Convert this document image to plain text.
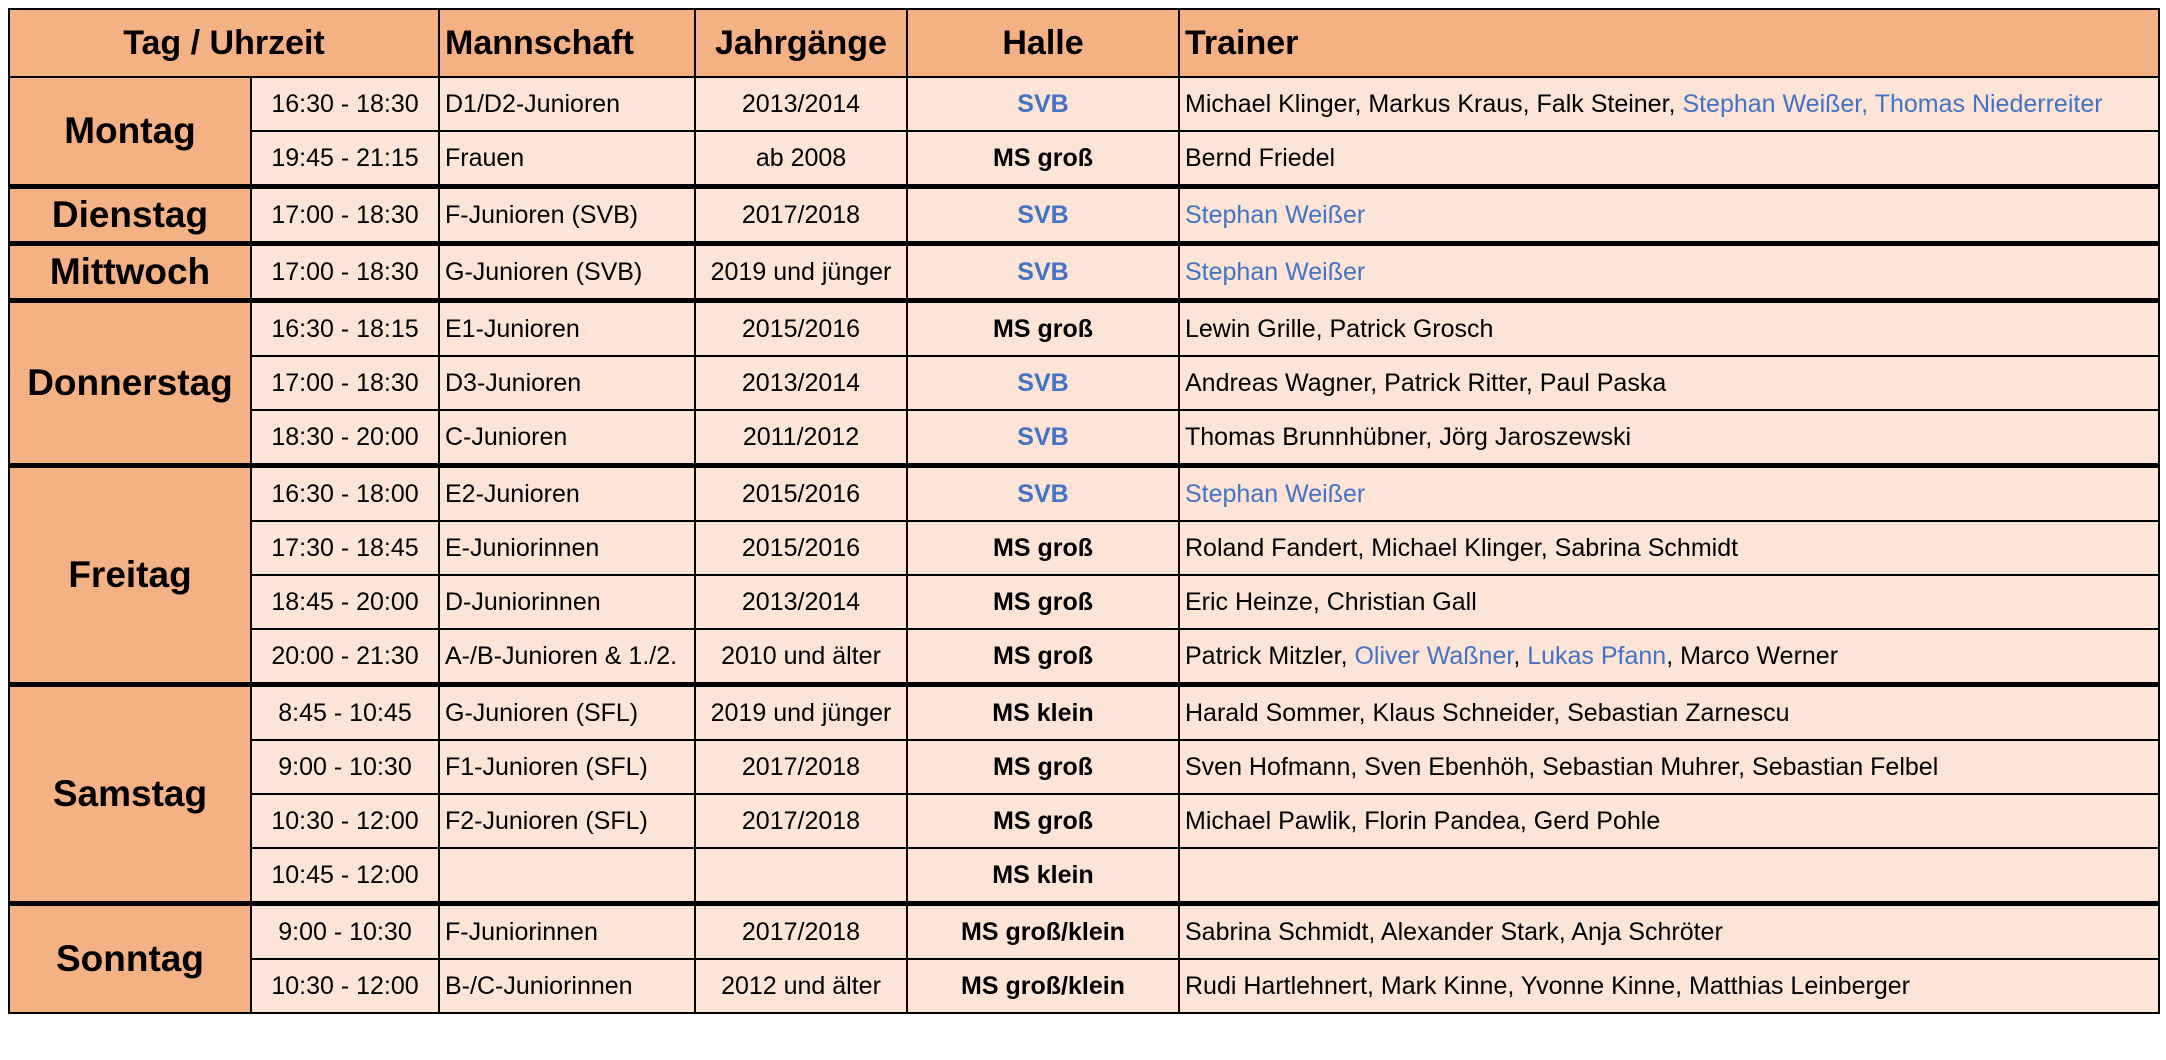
Tag / Uhrzeit		Mannschaft	Jahrgänge	Halle	Trainer
Montag	16:30 - 18:30	D1/D2-Junioren	2013/2014	SVB	Michael Klinger, Markus Kraus, Falk Steiner, Stephan Weißer, Thomas Niederreiter
	19:45 - 21:15	Frauen	ab 2008	MS groß	Bernd Friedel
Dienstag	17:00 - 18:30	F-Junioren (SVB)	2017/2018	SVB	Stephan Weißer
Mittwoch	17:00 - 18:30	G-Junioren (SVB)	2019 und jünger	SVB	Stephan Weißer
Donnerstag	16:30 - 18:15	E1-Junioren	2015/2016	MS groß	Lewin Grille, Patrick Grosch
	17:00 - 18:30	D3-Junioren	2013/2014	SVB	Andreas Wagner, Patrick Ritter, Paul Paska
	18:30 - 20:00	C-Junioren	2011/2012	SVB	Thomas Brunnhübner, Jörg Jaroszewski
Freitag	16:30 - 18:00	E2-Junioren	2015/2016	SVB	Stephan Weißer
	17:30 - 18:45	E-Juniorinnen	2015/2016	MS groß	Roland Fandert, Michael Klinger, Sabrina Schmidt
	18:45 - 20:00	D-Juniorinnen	2013/2014	MS groß	Eric Heinze, Christian Gall
	20:00 - 21:30	A-/B-Junioren & 1./2.	2010 und älter	MS groß	Patrick Mitzler, Oliver Waßner, Lukas Pfann, Marco Werner
Samstag	8:45 - 10:45	G-Junioren (SFL)	2019 und jünger	MS klein	Harald Sommer, Klaus Schneider, Sebastian Zarnescu
	9:00 - 10:30	F1-Junioren (SFL)	2017/2018	MS groß	Sven Hofmann, Sven Ebenhöh, Sebastian Muhrer, Sebastian Felbel
	10:30 - 12:00	F2-Junioren (SFL)	2017/2018	MS groß	Michael Pawlik, Florin Pandea, Gerd Pohle
	10:45 - 12:00			MS klein	
Sonntag	9:00 - 10:30	F-Juniorinnen	2017/2018	MS groß/klein	Sabrina Schmidt, Alexander Stark, Anja Schröter
	10:30 - 12:00	B-/C-Juniorinnen	2012 und älter	MS groß/klein	Rudi Hartlehnert, Mark Kinne, Yvonne Kinne, Matthias Leinberger
